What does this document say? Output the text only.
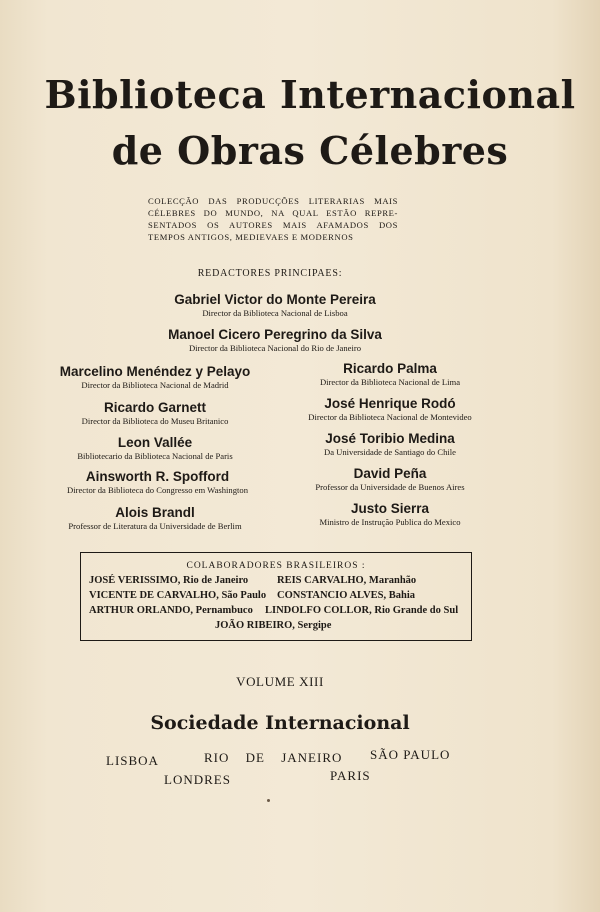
Biblioteca Internacional
de Obras Célebres
COLECÇÃO DAS PRODUCÇÕES LITERARIAS MAIS CÉLEBRES DO MUNDO, NA QUAL ESTÃO REPRE-SENTADOS OS AUTORES MAIS AFAMADOS DOS TEMPOS ANTIGOS, MEDIEVAES E MODERNOS
REDACTORES PRINCIPAES:
Gabriel Victor do Monte Pereira
Director da Biblioteca Nacional de Lisboa
Manoel Cicero Peregrino da Silva
Director da Biblioteca Nacional do Rio de Janeiro
Marcelino Menéndez y Pelayo
Director da Biblioteca Nacional de Madrid
Ricardo Palma
Director da Biblioteca Nacional de Lima
Ricardo Garnett
Director da Biblioteca do Museu Britanico
José Henrique Rodó
Director da Biblioteca Nacional de Montevideo
Leon Vallée
Bibliotecario da Biblioteca Nacional de Paris
José Toribio Medina
Da Universidade de Santiago do Chile
Ainsworth R. Spofford
Director da Biblioteca do Congresso em Washington
David Peña
Professor da Universidade de Buenos Aires
Alois Brandl
Professor de Literatura da Universidade de Berlim
Justo Sierra
Ministro de Instrução Publica do Mexico
COLABORADORES BRASILEIROS :
JOSÉ VERISSIMO, Rio de Janeiro	REIS CARVALHO, Maranhão
VICENTE DE CARVALHO, São Paulo CONSTANCIO ALVES, Bahia
ARTHUR ORLANDO, Pernambuco LINDOLFO COLLOR, Rio Grande do Sul
JOÃO RIBEIRO, Sergipe
VOLUME XIII
Sociedade Internacional
LISBOA	RIO DE JANEIRO SÃO PAULO
LONDRES	PARIS
